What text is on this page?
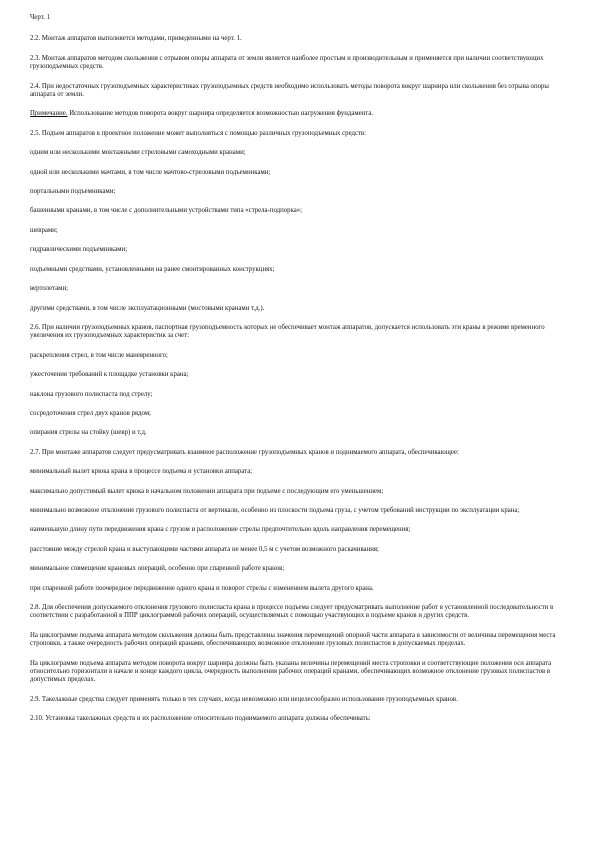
Черт. 1

2.2. Монтаж аппаратов выполняется методами, приведенными на черт. 1.

2.3. Монтаж аппаратов методом скольжения с отрывом опоры аппарата от земли является наиболее простым и производительным и применяется при наличии соответствующих грузоподъемных средств.

2.4. При недостаточных грузоподъемных характеристиках грузоподъемных средств необходимо использовать методы поворота вокруг шарнира или скольжения без отрыва опоры аппарата от земли.

Примечание. Использование методов поворота вокруг шарнира определяется возможностью нагружения фундамента.

2.5. Подъем аппаратов в проектное положение может выполняться с помощью различных грузоподъемных средств:

одним или несколькими монтажными стреловыми самоходными кранами;

одной или несколькими мачтами, в том числе мачтово-стреловыми подъемниками;

портальными подъемниками;

башенными кранами, в том числе с дополнительными устройствами типа «стрела-подпорка»;

шеврами;

гидравлическими подъемниками;

подъемными средствами, установленными на ранее смонтированных конструкциях;

вертолетами;

другими средствами, в том числе эксплуатационными (мостовыми кранами т.д.).

2.6. При наличии грузоподъемных кранов, паспортная грузоподъемность которых не обеспечивает монтаж аппаратов, допускается использовать эти краны в режиме временного увеличения их грузоподъемных характеристик за счет:

раскрепления стрел, в том числе маневренного;

ужесточения требований к площадке установки крана;

наклона грузового полиспаста под стрелу;

сосредоточения стрел двух кранов рядом;

опирания стрелы на стойку (шевр) и т.д.

2.7. При монтаже аппаратов следует предусматривать взаимное расположение грузоподъемных кранов и поднимаемого аппарата, обеспечивающее:

минимальный вылет крюка крана в процессе подъема и установки аппарата;

максимально допустимый вылет крюка в начальном положении аппарата при подъеме с последующим его уменьшением;

минимально возможное отклонение грузового полиспаста от вертикали, особенно из плоскости подъема груза, с учетом требований инструкции по эксплуатации крана;

наименьшую длину пути передвижения крана с грузом и расположение стрелы предпочтительно вдоль направления перемещения;

расстояние между стрелой крана и выступающими частями аппарата не менее 0,5 м с учетом возможного раскачивания;

минимальное совмещение крановых операций, особенно при спаренной работе кранов;

при спаренной работе поочередное передвижение одного крана и поворот стрелы с изменением вылета другого крана.

2.8. Для обеспечения допускаемого отклонения грузового полиспаста крана в процессе подъема следует предусматривать выполнение работ в установленной последовательности в соответствии с разработанной в ППР циклограммой рабочих операций, осуществляемых с помощью участвующих в подъеме кранов и других средств.

На циклограмме подъема аппарата методом скольжения должны быть представлены значения перемещений опорной части аппарата в зависимости от величины перемещения места строповки, а также очередность рабочих операций кранами, обеспечивающих возможное отклонение грузовых полиспастов в допускаемых пределах.

На циклограмме подъема аппарата методом поворота вокруг шарнира должны быть указаны величины перемещений места строповки и соответствующие положения оси аппарата относительно горизонтали в начале и конце каждого цикла, очередность выполнения рабочих операций кранами, обеспечивающих возможное отклонение грузовых полиспастов в допустимых пределах.

2.9. Такелажные средства следует применять только в тех случаях, когда невозможно или нецелесообразно использование грузоподъемных кранов.

2.10. Установка такелажных средств и их расположение относительно поднимаемого аппарата должны обеспечивать:
